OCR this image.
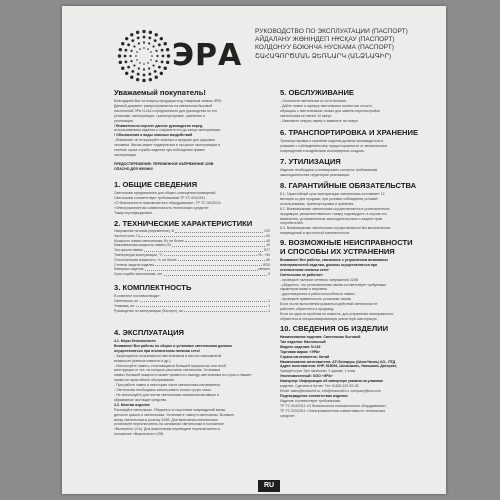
ЭРА
РУКОВОДСТВО ПО ЭКСПЛУАТАЦИИ (ПАСПОРТ)
АЙДАЛАНУ ЖӨНІНДЕГІ НҰСҚАУ (ПАСПОРТ)
КОЛДОНУУ БОЮНЧА НУСКАМА (ПАСПОРТ)
ՇԱՀԱԳՈՐԾՄԱՆ ՁԵՌՆԱՐԿ (ԱՆՁՆԱԳԻՐ)
Уважаемый покупатель!
Благодарим Вас за покупку продукции под товарным знаком ЭРА!
Данный документ распространяется на светильник бытовой
настольный ЭРА N-116 и предназначен для руководства по его
установке, эксплуатации, транспортировке, хранению и
утилизации.
! Внимательно изучите данное руководство перед
использованием изделия и сохраните его до конца эксплуатации.
! Обозначения и виды опасных воздействий
- Внимание: не игнорируйте опасных и вредных для здоровья
человека. Жизнь может подвергаться в процессе эксплуатации в
течение срока службы изделия при соблюдении правил
эксплуатации.
ПРЕДОСТЕРЕЖЕНИЕ: ПЕРЕМЕННОЕ НАПРЯЖЕНИЕ 220В
ОПАСНО ДЛЯ ЖИЗНИ!
1. ОБЩИЕ СВЕДЕНИЯ
Светильник предназначен для общего освещения помещений.
Светильник соответствует требованиям ТР ТС 004/2011
«О безопасности низковольтного оборудования», ТР ТС 020/2011
«Электромагнитная совместимость технических средств».
Товар сертифицирован.
2. ТЕХНИЧЕСКИЕ ХАРАКТЕРИСТИКИ
Напряжение питания (переменное), В	220
Частота сети, Гц	50
Мощность лампы светильника, Вт, не более	40
Максимальная мощность лампы, Вт	40
Тип цоколя лампы	E27
Температура эксплуатации, °С	+5...+40
Относительная влажность, %, не более	80
Степень защиты изделия	IP20
Материал изделия	металл
Срок службы светильника, лет	5
3. КОМПЛЕКТНОСТЬ
В комплект поставки входит:
Светильник, шт	1
Упаковка, шт	1
Руководство по эксплуатации (Паспорт), шт	1
4. ЭКСПЛУАТАЦИЯ
4.1. Меры безопасности
Внимание! Все работы по сборке и установке светильника должны
осуществляться при отключенном питании сети!
- Запрещается пользоваться светильником в местах повышенной
влажности (ванные комнаты и др.).
- Используйте лампы, отличающиеся большей мощностью или иной
конструкции от тех, на которые рассчитан светильник. Установка
лампы большей мощности может привести к выходу светильника из строя и лишает
права на гарантийное обслуживание.
- При работе лампа и некоторые части светильника нагреваются.
- Светильник необходимо использовать только сухую ткань.
- Не используйте для чистки светильника химически активные и
абразивные чистящие средства.
4.2. Монтаж изделия
Распакуйте светильник. Убедитесь в отсутствии повреждений вилки,
детского цоколя и светильника. Установите лампу в светильник. Вставьте
вилку светильника в розетку 220В. Для включения светильника
установите переключатель на основании светильника в положение
«Включено» (On). Для выключения переведите переключатель в
положение «Выключено» (Off).
5. ОБСЛУЖИВАНИЕ
- Отключите светильник от сети питания.
- Дайте лампе и корпусу светильника полностью остыть,
обращать с светильником только для замены перенастройки
светильника не менее 10 минут.
- Извлеките старую лампу и замените на новую.
6. ТРАНСПОРТИРОВКА И ХРАНЕНИЕ
Транспортировка и хранение изделия должны производиться в
упаковке с соблюдением мер предосторожности от механических
повреждений и воздействия атмосферных осадков.
7. УТИЛИЗАЦИЯ
Изделие необходимо утилизировать согласно требованиям
законодательства территории реализации.
8. ГАРАНТИЙНЫЕ ОБЯЗАТЕЛЬСТВА
8.1. Гарантийный срок эксплуатации светильника составляет 12
месяцев со дня продажи, при условии соблюдения условий
использования, транспортировки и хранения.
8.2. Всевозможные светильника осуществляются в установленного
продавцом, укомплектованного товару подтвердите, в случае его
выявления, установленным законодательством и защите прав
потребителей.
8.3. Всевозможные светильника осуществляются без механических
повреждений и при полной комплектности.
9. ВОЗМОЖНЫЕ НЕИСПРАВНОСТИ
И СПОСОБЫ ИХ УСТРАНЕНИЯ
Внимание! Все работы, связанные с устранением возможных
неисправностей изделия, должны осуществляться при
отключенном питании сети!
Светильник не работает:
- проверьте наличие сетевого напряжения 220В
- убедитесь, что установленная лампа соответствует требуемым
характеристикам и исправна
- удостоверьтесь в работоспособности лампы
- проверьте правильность установки лампы
Если после выполнения указанных действий светильник не
работает, обратитесь к продавцу.
Если ни одна из проблем не помогла, для устранения неисправности
обратитесь в специализированную ремонтную мастерскую.
10. СВЕДЕНИЯ ОБ ИЗДЕЛИИ
Наименование изделия: Светильник бытовой
Тип изделия: Настольный
Модель изделия: N-116
Торговая марка: «ЭРА»
Страна изготовитель: Китай
Наименование изготовителя: ATI Беларусь (ШэньЧжэнь) КО., ЛТД
Адрес изготовителя: КНР, 518054, Шэньчжэнь, Наньшань Дистрикт,
Чувшуй стрит Эрп Чжэньсип, 3 здание, 1 этаж
Уполномоченный: ООО «ЭРА»
Импортер: Информация об импортере указана на упаковке
изделия. Сделано в Китае. Тел. 8-800-222-59-33
Email: sales@eraworld.ru, info@eraworld.ru, company@era.com
Подтверждение соответствия изделия
Изделие соответствует требованиям:
ТР ТС 004/2011 «О безопасности низковольтного оборудования»,
ТР ТС 020/2011 «Электромагнитная совместимость технических
средств»
RU
